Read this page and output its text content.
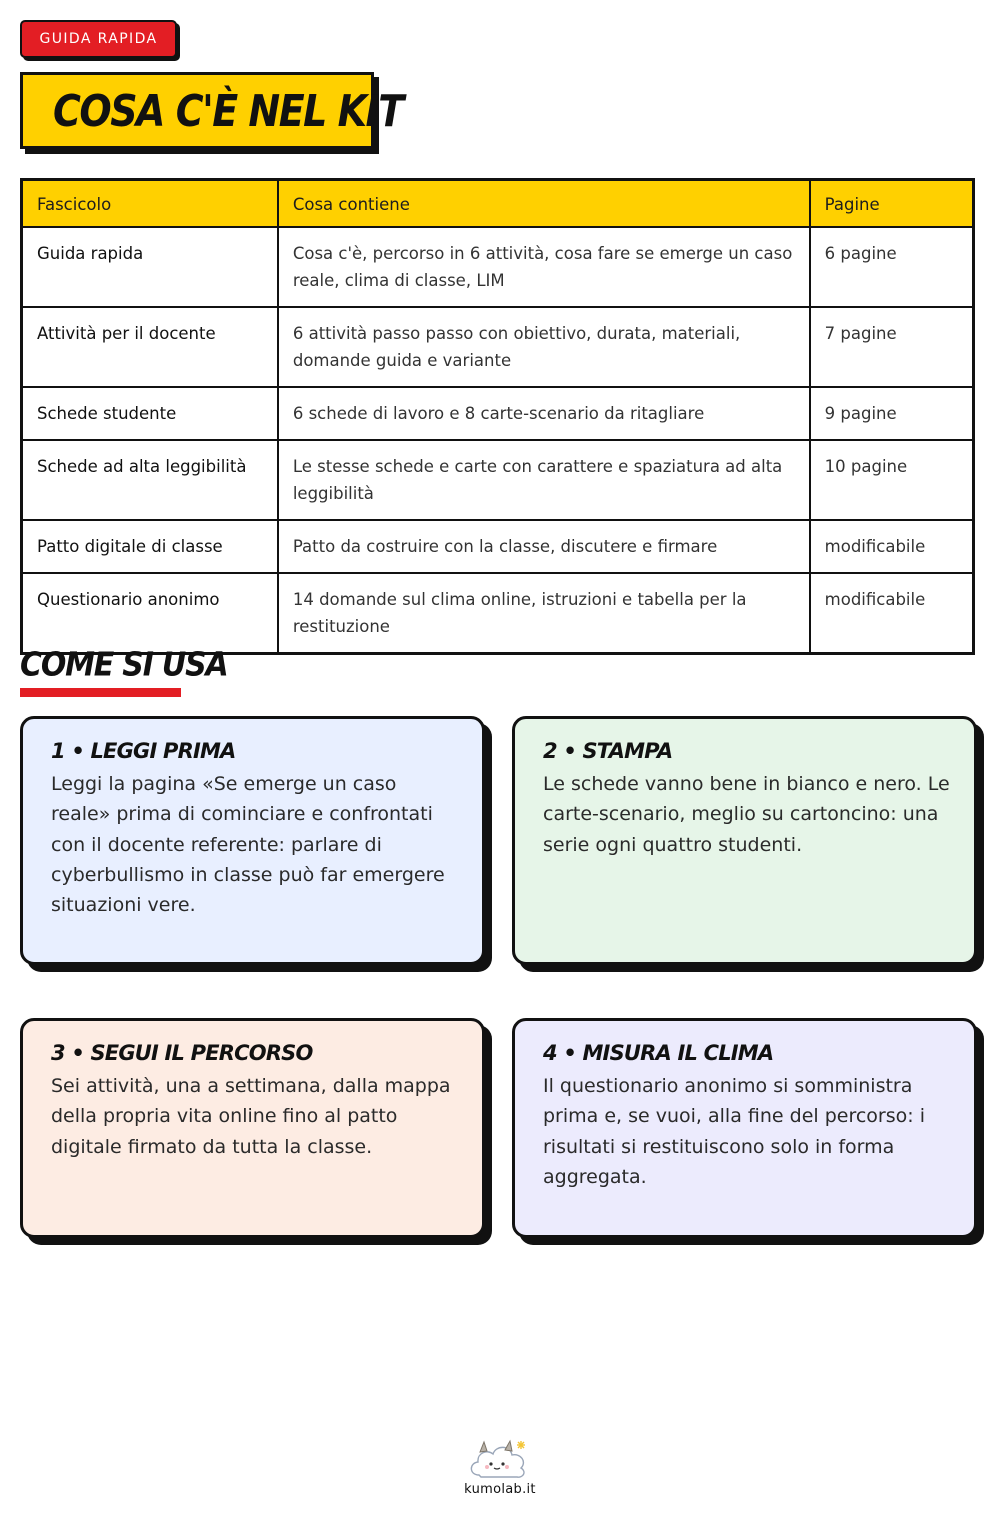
GUIDA RAPIDA
COSA C'È NEL KIT
Fascicolo	Cosa contiene	Pagine
Guida rapida	Cosa c'è, percorso in 6 attività, cosa fare se emerge un caso reale, clima di classe, LIM	6 pagine
Attività per il docente	6 attività passo passo con obiettivo, durata, materiali, domande guida e variante	7 pagine
Schede studente	6 schede di lavoro e 8 carte-scenario da ritagliare	9 pagine
Schede ad alta leggibilità	Le stesse schede e carte con carattere e spaziatura ad alta leggibilità	10 pagine
Patto digitale di classe	Patto da costruire con la classe, discutere e firmare	modificabile
Questionario anonimo	14 domande sul clima online, istruzioni e tabella per la restituzione	modificabile
COME SI USA
1 • LEGGI PRIMA

Leggi la pagina «Se emerge un caso reale» prima di cominciare e confrontati con il docente referente: parlare di cyberbullismo in classe può far emergere situazioni vere.

2 • STAMPA

Le schede vanno bene in bianco e nero. Le carte-scenario, meglio su cartoncino: una serie ogni quattro studenti.

3 • SEGUI IL PERCORSO

Sei attività, una a settimana, dalla mappa della propria vita online fino al patto digitale firmato da tutta la classe.

4 • MISURA IL CLIMA

Il questionario anonimo si somministra prima e, se vuoi, alla fine del percorso: i risultati si restituiscono solo in forma aggregata.

kumolab.it
